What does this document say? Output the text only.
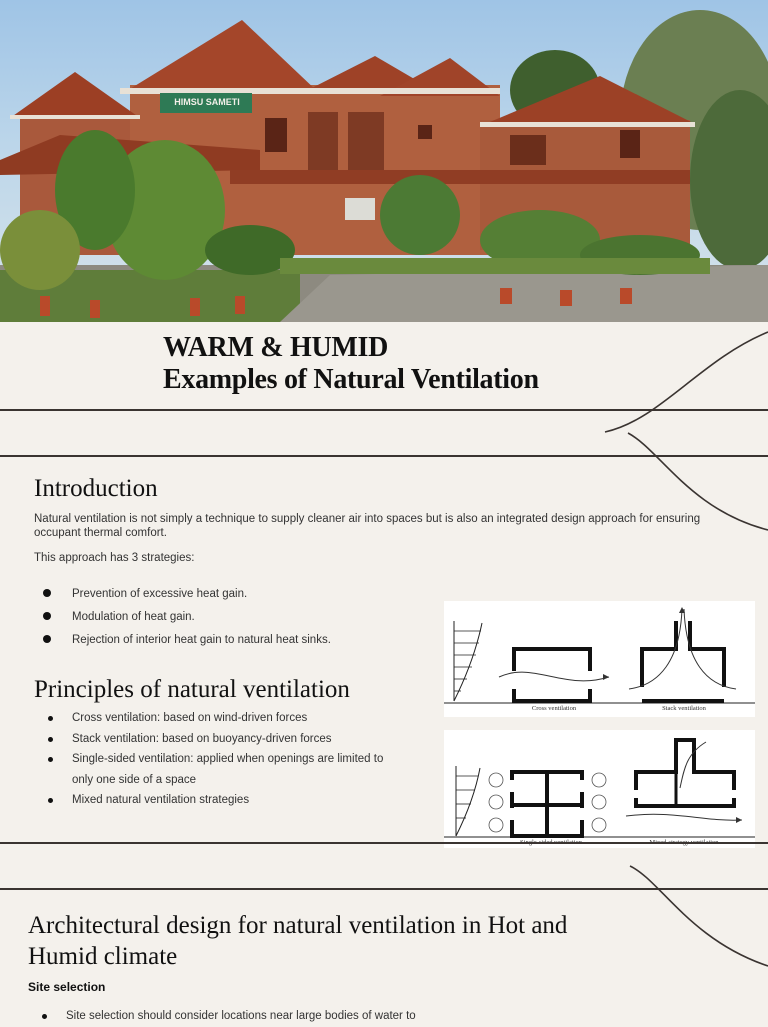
HIMSU SAMETI
WARM & HUMID
Examples of Natural Ventilation
Introduction

Natural ventilation is not simply a technique to supply cleaner air into spaces but is also an integrated design approach for ensuring occupant thermal comfort.

This approach has 3 strategies:

Prevention of excessive heat gain.
Modulation of heat gain.
Rejection of interior heat gain to natural heat sinks.
Principles of natural ventilation
Cross ventilation: based on wind-driven forces
Stack ventilation: based on buoyancy-driven forces
Single-sided ventilation: applied when openings are limited to only one side of a space
Mixed natural ventilation strategies
Cross ventilation	Stack ventilation
Architectural design for natural ventilation in Hot and Humid climate
Site selection
Site selection should consider locations near large bodies of water to
